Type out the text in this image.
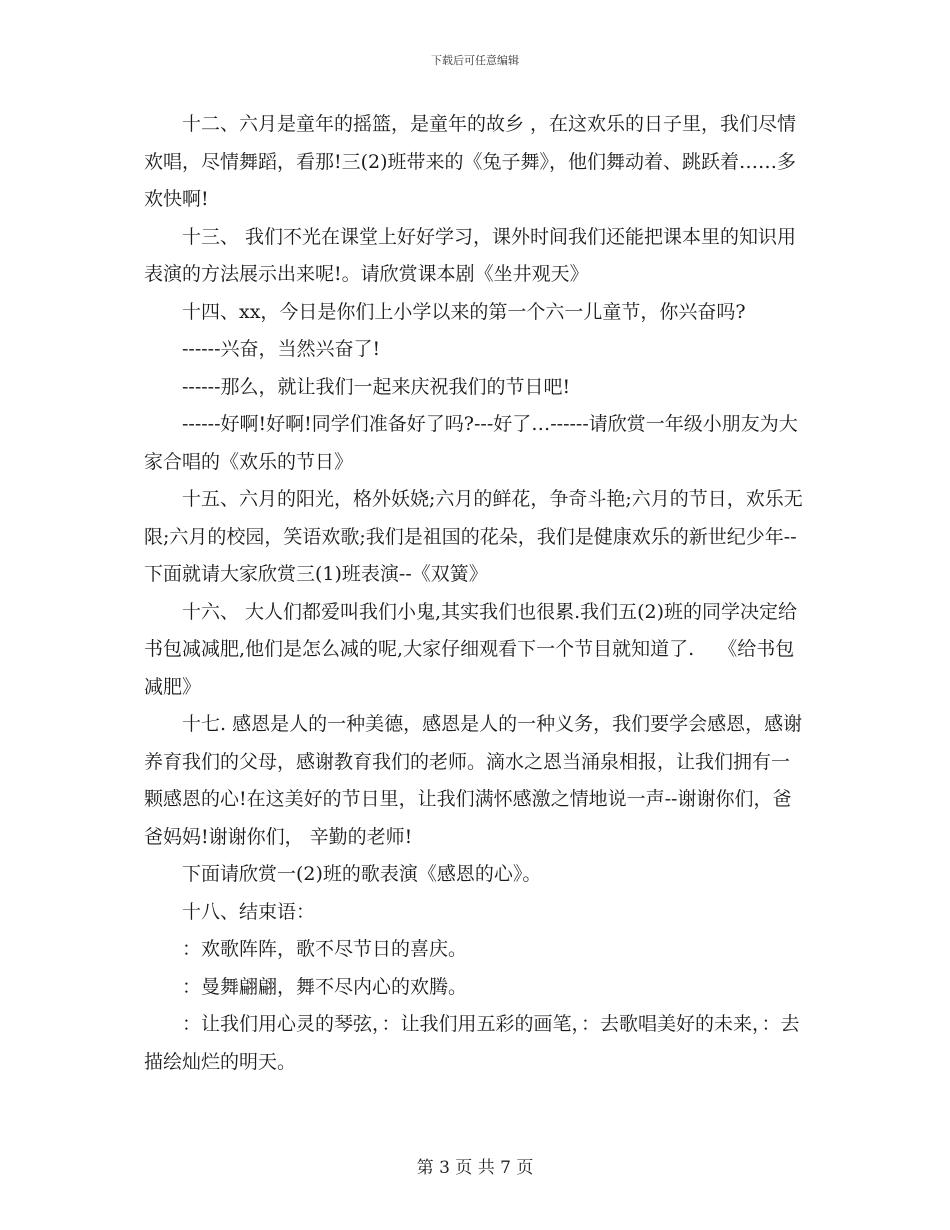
下载后可任意编辑

十二、六月是童年的摇篮，是童年的故乡 ，在这欢乐的日子里，我们尽情欢唱，尽情舞蹈，看那!三(2)班带来的《兔子舞》，他们舞动着、跳跃着……多欢快啊!

十三、 我们不光在课堂上好好学习，课外时间我们还能把课本里的知识用表演的方法展示出来呢!。请欣赏课本剧《坐井观天》

十四、xx，今日是你们上小学以来的第一个六一儿童节，你兴奋吗?

------兴奋，当然兴奋了!

------那么，就让我们一起来庆祝我们的节日吧!

------好啊!好啊!同学们准备好了吗?---好了…------请欣赏一年级小朋友为大家合唱的《欢乐的节日》

十五、六月的阳光，格外妖娆;六月的鲜花，争奇斗艳;六月的节日，欢乐无限;六月的校园，笑语欢歌;我们是祖国的花朵，我们是健康欢乐的新世纪少年--下面就请大家欣赏三(1)班表演--《双簧》

十六、 大人们都爱叫我们小鬼,其实我们也很累.我们五(2)班的同学决定给书包减减肥,他们是怎么减的呢,大家仔细观看下一个节目就知道了.    《给书包减肥》

十七. 感恩是人的一种美德，感恩是人的一种义务，我们要学会感恩，感谢养育我们的父母，感谢教育我们的老师。滴水之恩当涌泉相报，让我们拥有一颗感恩的心!在这美好的节日里，让我们满怀感激之情地说一声--谢谢你们，爸爸妈妈!谢谢你们， 辛勤的老师!

下面请欣赏一(2)班的歌表演《感恩的心》。

十八、结束语：

：欢歌阵阵，歌不尽节日的喜庆。

：曼舞翩翩，舞不尽内心的欢腾。

：让我们用心灵的琴弦，：让我们用五彩的画笔，：去歌唱美好的未来，：去描绘灿烂的明天。

第 3 页 共 7 页
